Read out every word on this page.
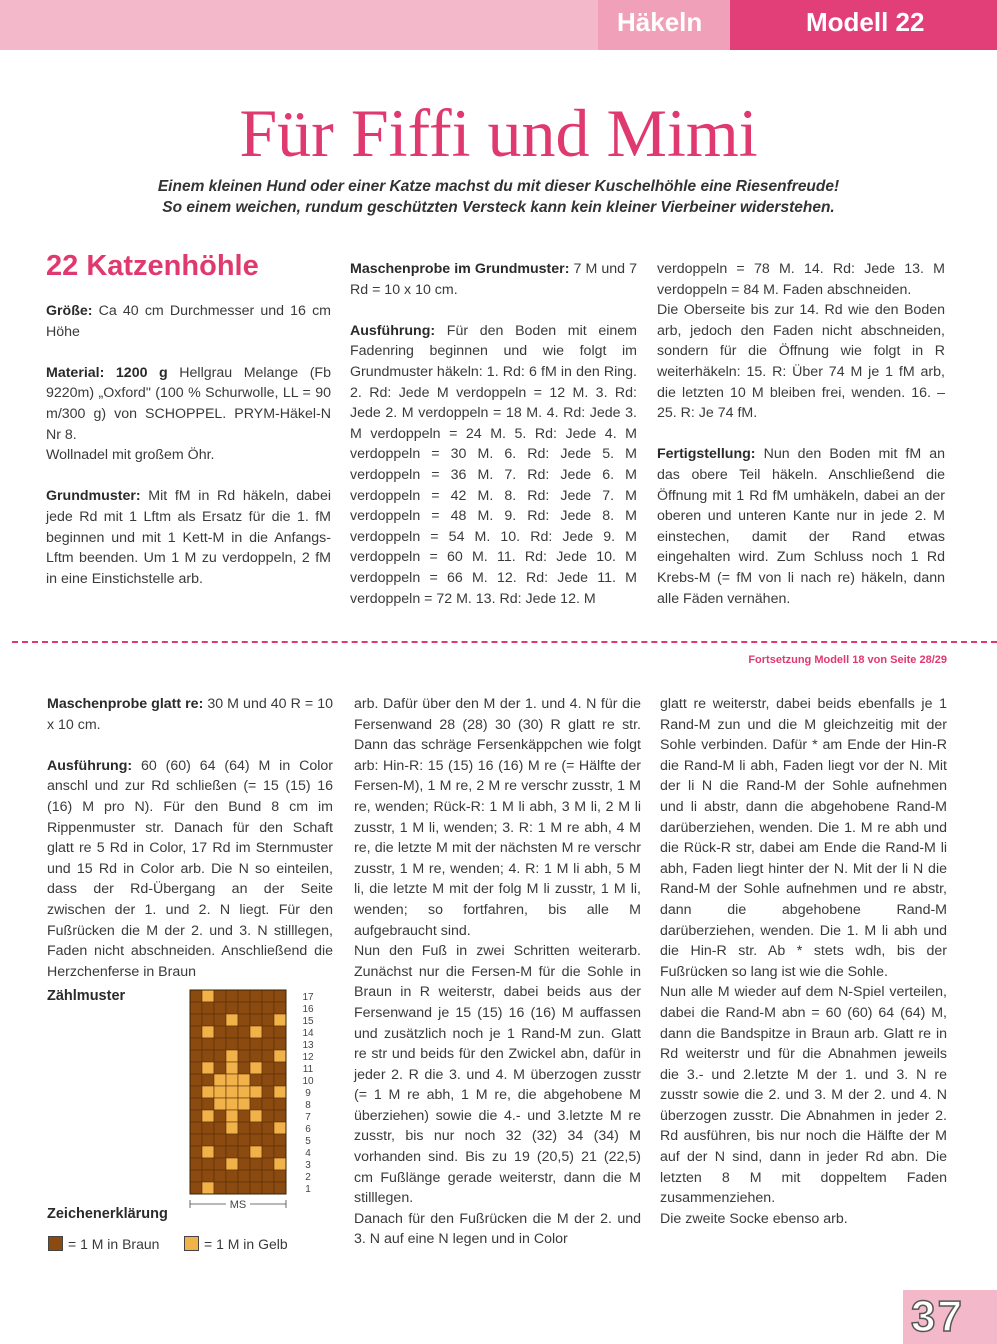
Häkeln	Modell 22
Für Fiffi und Mimi

Einem kleinen Hund oder einer Katze machst du mit dieser Kuschelhöhle eine Riesenfreude!

So einem weichen, rundum geschützten Versteck kann kein kleiner Vierbeiner widerstehen.

22 Katzenhöhle

Größe: Ca 40 cm Durchmesser und 16 cm Höhe

Material: 1200 g Hellgrau Melange (Fb 9220m) „Oxford" (100 % Schurwolle, LL = 90 m/300 g) von SCHOPPEL. PRYM-Häkel-N Nr 8.

Wollnadel mit großem Öhr.

Grundmuster: Mit fM in Rd häkeln, dabei jede Rd mit 1 Lftm als Ersatz für die 1. fM beginnen und mit 1 Kett-M in die Anfangs-Lftm beenden. Um 1 M zu verdoppeln, 2 fM in eine Einstichstelle arb.

Maschenprobe im Grundmuster: 7 M und 7 Rd = 10 x 10 cm.

Ausführung: Für den Boden mit einem Fadenring beginnen und wie folgt im Grundmuster häkeln: 1. Rd: 6 fM in den Ring. 2. Rd: Jede M verdoppeln = 12 M. 3. Rd: Jede 2. M verdoppeln = 18 M. 4. Rd: Jede 3. M verdoppeln = 24 M. 5. Rd: Jede 4. M verdoppeln = 30 M. 6. Rd: Jede 5. M verdoppeln = 36 M. 7. Rd: Jede 6. M verdoppeln = 42 M. 8. Rd: Jede 7. M verdoppeln = 48 M. 9. Rd: Jede 8. M verdoppeln = 54 M. 10. Rd: Jede 9. M verdoppeln = 60 M. 11. Rd: Jede 10. M verdoppeln = 66 M. 12. Rd: Jede 11. M verdoppeln = 72 M. 13. Rd: Jede 12. M

verdoppeln = 78 M. 14. Rd: Jede 13. M verdoppeln = 84 M. Faden abschneiden.

Die Oberseite bis zur 14. Rd wie den Boden arb, jedoch den Faden nicht abschneiden, sondern für die Öffnung wie folgt in R weiterhäkeln: 15. R: Über 74 M je 1 fM arb, die letzten 10 M bleiben frei, wenden. 16. – 25. R: Je 74 fM.

Fertigstellung: Nun den Boden mit fM an das obere Teil häkeln. Anschließend die Öffnung mit 1 Rd fM umhäkeln, dabei an der oberen und unteren Kante nur in jede 2. M einstechen, damit der Rand etwas eingehalten wird. Zum Schluss noch 1 Rd Krebs-M (= fM von li nach re) häkeln, dann alle Fäden vernähen.

Fortsetzung Modell 18 von Seite 28/29

Maschenprobe glatt re: 30 M und 40 R = 10 x 10 cm.

Ausführung: 60 (60) 64 (64) M in Color anschl und zur Rd schließen (= 15 (15) 16 (16) M pro N). Für den Bund 8 cm im Rippenmuster str. Danach für den Schaft glatt re 5 Rd in Color, 17 Rd im Sternmuster und 15 Rd in Color arb. Die N so einteilen, dass der Rd-Übergang an der Seite zwischen der 1. und 2. N liegt. Für den Fußrücken die M der 2. und 3. N stilllegen, Faden nicht abschneiden. Anschließend die Herzchenferse in Braun

Zählmuster	17
16
15
14
13
12
11
10
9
8
7
6
5
4
3
2
1
MS
Zeichenerklärung
= 1 M in Braun	= 1 M in Gelb

arb. Dafür über den M der 1. und 4. N für die Fersenwand 28 (28) 30 (30) R glatt re str. Dann das schräge Fersenkäppchen wie folgt arb: Hin-R: 15 (15) 16 (16) M re (= Hälfte der Fersen-M), 1 M re, 2 M re verschr zusstr, 1 M re, wenden; Rück-R: 1 M li abh, 3 M li, 2 M li zusstr, 1 M li, wenden; 3. R: 1 M re abh, 4 M re, die letzte M mit der nächsten M re verschr zusstr, 1 M re, wenden; 4. R: 1 M li abh, 5 M li, die letzte M mit der folg M li zusstr, 1 M li, wenden; so fortfahren, bis alle M aufgebraucht sind.

Nun den Fuß in zwei Schritten weiterarb. Zunächst nur die Fersen-M für die Sohle in Braun in R weiterstr, dabei beids aus der Fersenwand je 15 (15) 16 (16) M auffassen und zusätzlich noch je 1 Rand-M zun. Glatt re str und beids für den Zwickel abn, dafür in jeder 2. R die 3. und 4. M überzogen zusstr (= 1 M re abh, 1 M re, die abgehobene M überziehen) sowie die 4.- und 3.letzte M re zusstr, bis nur noch 32 (32) 34 (34) M vorhanden sind. Bis zu 19 (20,5) 21 (22,5) cm Fußlänge gerade weiterstr, dann die M stilllegen.

Danach für den Fußrücken die M der 2. und 3. N auf eine N legen und in Color

glatt re weiterstr, dabei beids ebenfalls je 1 Rand-M zun und die M gleichzeitig mit der Sohle verbinden. Dafür * am Ende der Hin-R die Rand-M li abh, Faden liegt vor der N. Mit der li N die Rand-M der Sohle aufnehmen und li abstr, dann die abgehobene Rand-M darüberziehen, wenden. Die 1. M re abh und die Rück-R str, dabei am Ende die Rand-M li abh, Faden liegt hinter der N. Mit der li N die Rand-M der Sohle aufnehmen und re abstr, dann die abgehobene Rand-M darüberziehen, wenden. Die 1. M li abh und die Hin-R str. Ab * stets wdh, bis der Fußrücken so lang ist wie die Sohle.

Nun alle M wieder auf dem N-Spiel verteilen, dabei die Rand-M abn = 60 (60) 64 (64) M, dann die Bandspitze in Braun arb. Glatt re in Rd weiterstr und für die Abnahmen jeweils die 3.- und 2.letzte M der 1. und 3. N re zusstr sowie die 2. und 3. M der 2. und 4. N überzogen zusstr. Die Abnahmen in jeder 2. Rd ausführen, bis nur noch die Hälfte der M auf der N sind, dann in jeder Rd abn. Die letzten 8 M mit doppeltem Faden zusammenziehen.

Die zweite Socke ebenso arb.

37
